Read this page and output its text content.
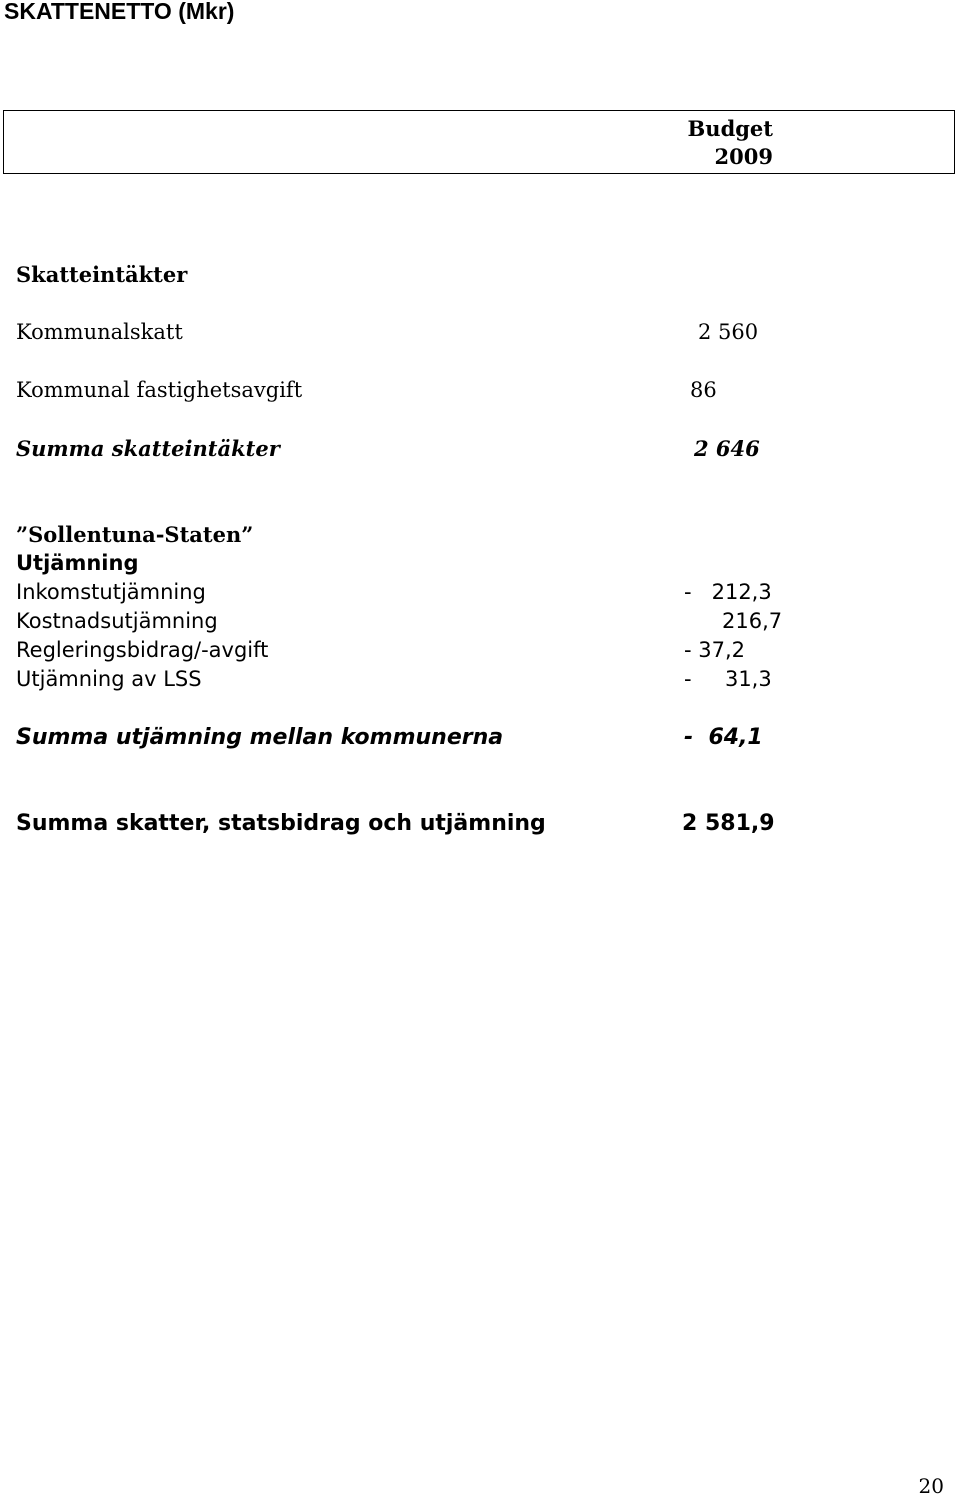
SKATTENETTO (Mkr)
Budget
2009
Skatteintäkter
Kommunalskatt	2 560
Kommunal fastighetsavgift	86
Summa skatteintäkter	2 646
”Sollentuna-Staten”
Utjämning
Inkomstutjämning	-   212,3
Kostnadsutjämning	216,7
Regleringsbidrag/-avgift	- 37,2
Utjämning av LSS	-     31,3
Summa utjämning mellan kommunerna	-  64,1
Summa skatter, statsbidrag och utjämning	2 581,9
20
